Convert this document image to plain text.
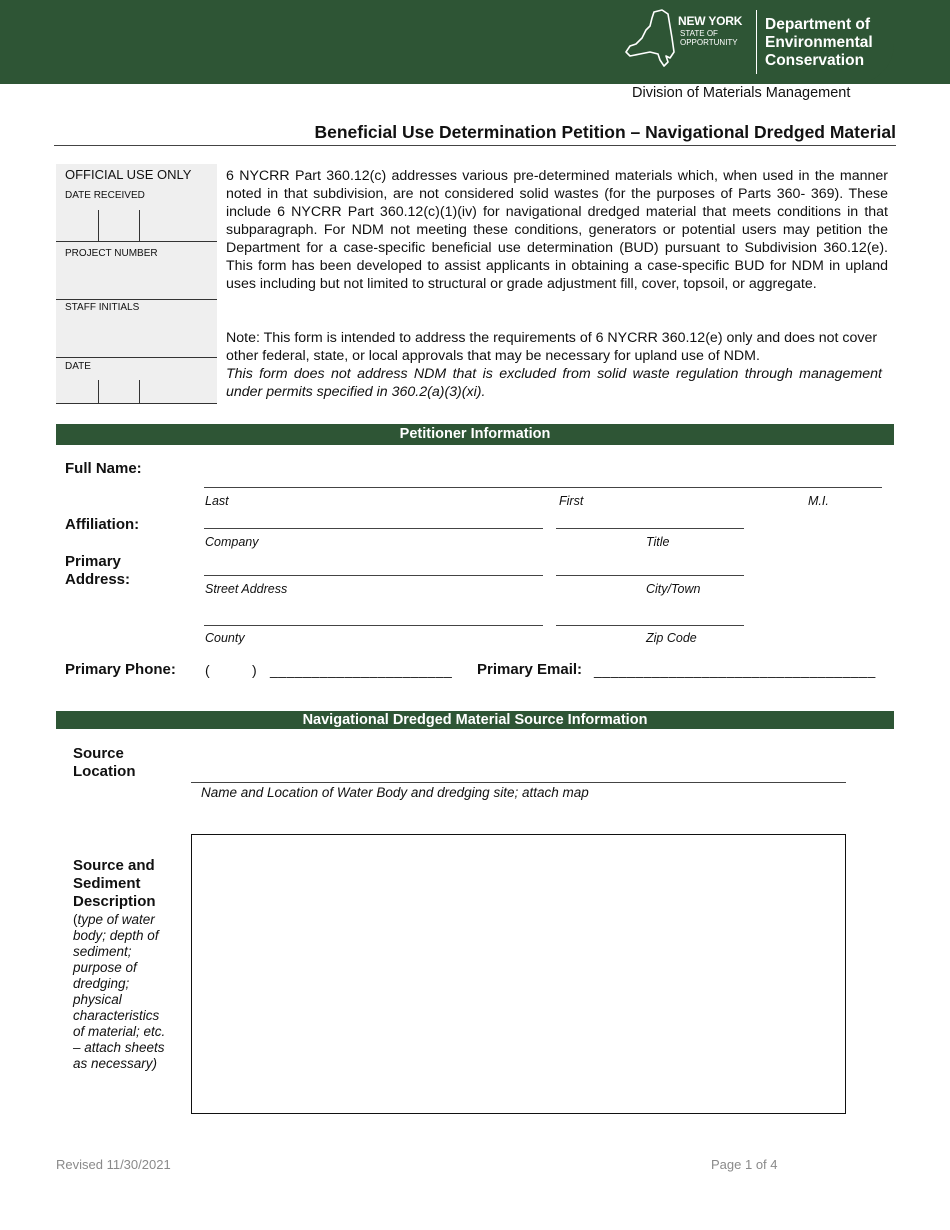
NEW YORK
STATE OF
OPPORTUNITY
Department of
Environmental
Conservation
Division of Materials Management
Beneficial Use Determination Petition – Navigational Dredged Material
OFFICIAL USE ONLY
DATE RECEIVED
PROJECT NUMBER
STAFF INITIALS
DATE
6 NYCRR Part 360.12(c) addresses various pre-determined materials which, when used in the manner noted in that subdivision, are not considered solid wastes (for the purposes of Parts 360- 369). These include 6 NYCRR Part 360.12(c)(1)(iv) for navigational dredged material that meets conditions in that subparagraph. For NDM not meeting these conditions, generators or potential users may petition the Department for a case-specific beneficial use determination (BUD) pursuant to Subdivision 360.12(e). This form has been developed to assist applicants in obtaining a case-specific BUD for NDM in upland uses including but not limited to structural or grade adjustment fill, cover, topsoil, or aggregate.
Note: This form is intended to address the requirements of 6 NYCRR 360.12(e) only and does not cover other federal, state, or local approvals that may be necessary for upland use of NDM.
This form does not address NDM that is excluded from solid waste regulation through management under permits specified in 360.2(a)(3)(xi).
Petitioner Information
Full Name:
Last	First	M.I.
Affiliation:
Company	Title
Primary
Address:
Street Address	City/Town
County	Zip Code
Primary Phone: (	) ______________________ Primary Email: __________________________________
Navigational Dredged Material Source Information
Source
Location
Name and Location of Water Body and dredging site; attach map
Source and
Sediment
Description
(type of water body; depth of sediment; purpose of dredging; physical characteristics of material; etc. – attach sheets as necessary)
Revised 11/30/2021	Page 1 of 4
